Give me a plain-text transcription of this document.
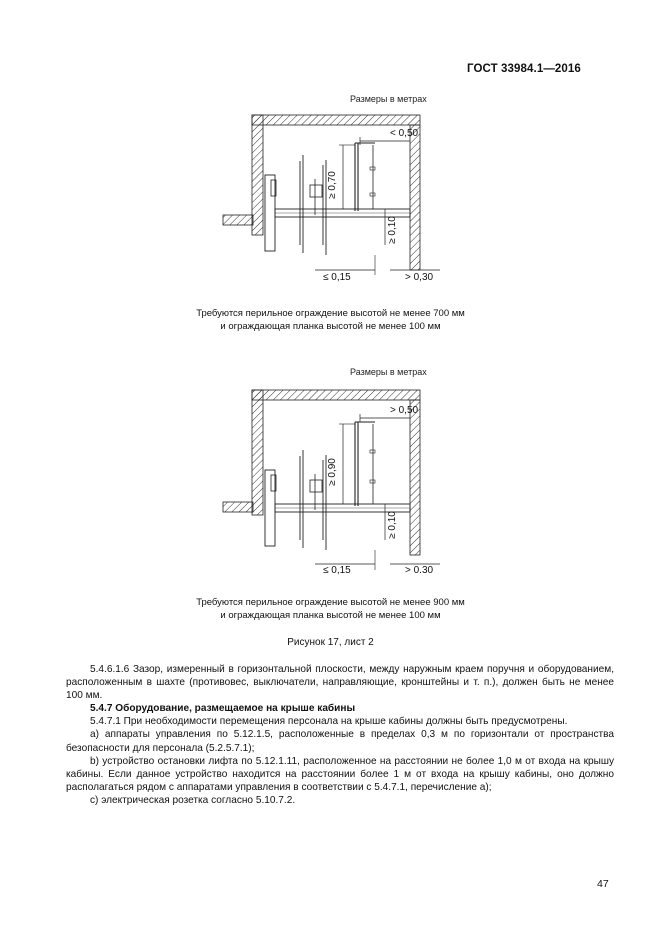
ГОСТ 33984.1—2016
Размеры в метрах
< 0,50
≥ 0,70
≥ 0,10
≤ 0,15	> 0,30
Требуются перильное ограждение высотой не менее 700 мм
и ограждающая планка высотой не менее 100 мм
Размеры в метрах
> 0,50
≥ 0,90
≥ 0,10
≤ 0,15	> 0.30
Требуются перильное ограждение высотой не менее 900 мм
и ограждающая планка высотой не менее 100 мм
Рисунок 17, лист 2

5.4.6.1.6 Зазор, измеренный в горизонтальной плоскости, между наружным краем поручня и оборудованием, расположенным в шахте (противовес, выключатели, направляющие, кронштейны и т. п.), должен быть не менее 100 мм.

5.4.7 Оборудование, размещаемое на крыше кабины

5.4.7.1 При необходимости перемещения персонала на крыше кабины должны быть предусмотрены.

a) аппараты управления по 5.12.1.5, расположенные в пределах 0,3 м по горизонтали от пространства безопасности для персонала (5.2.5.7.1);

b) устройство остановки лифта по 5.12.1.11, расположенное на расстоянии не более 1,0 м от входа на крышу кабины. Если данное устройство находится на расстоянии более 1 м от входа на крышу кабины, оно должно располагаться рядом с аппаратами управления в соответствии с 5.4.7.1, перечисление а);

c) электрическая розетка согласно 5.10.7.2.

47
